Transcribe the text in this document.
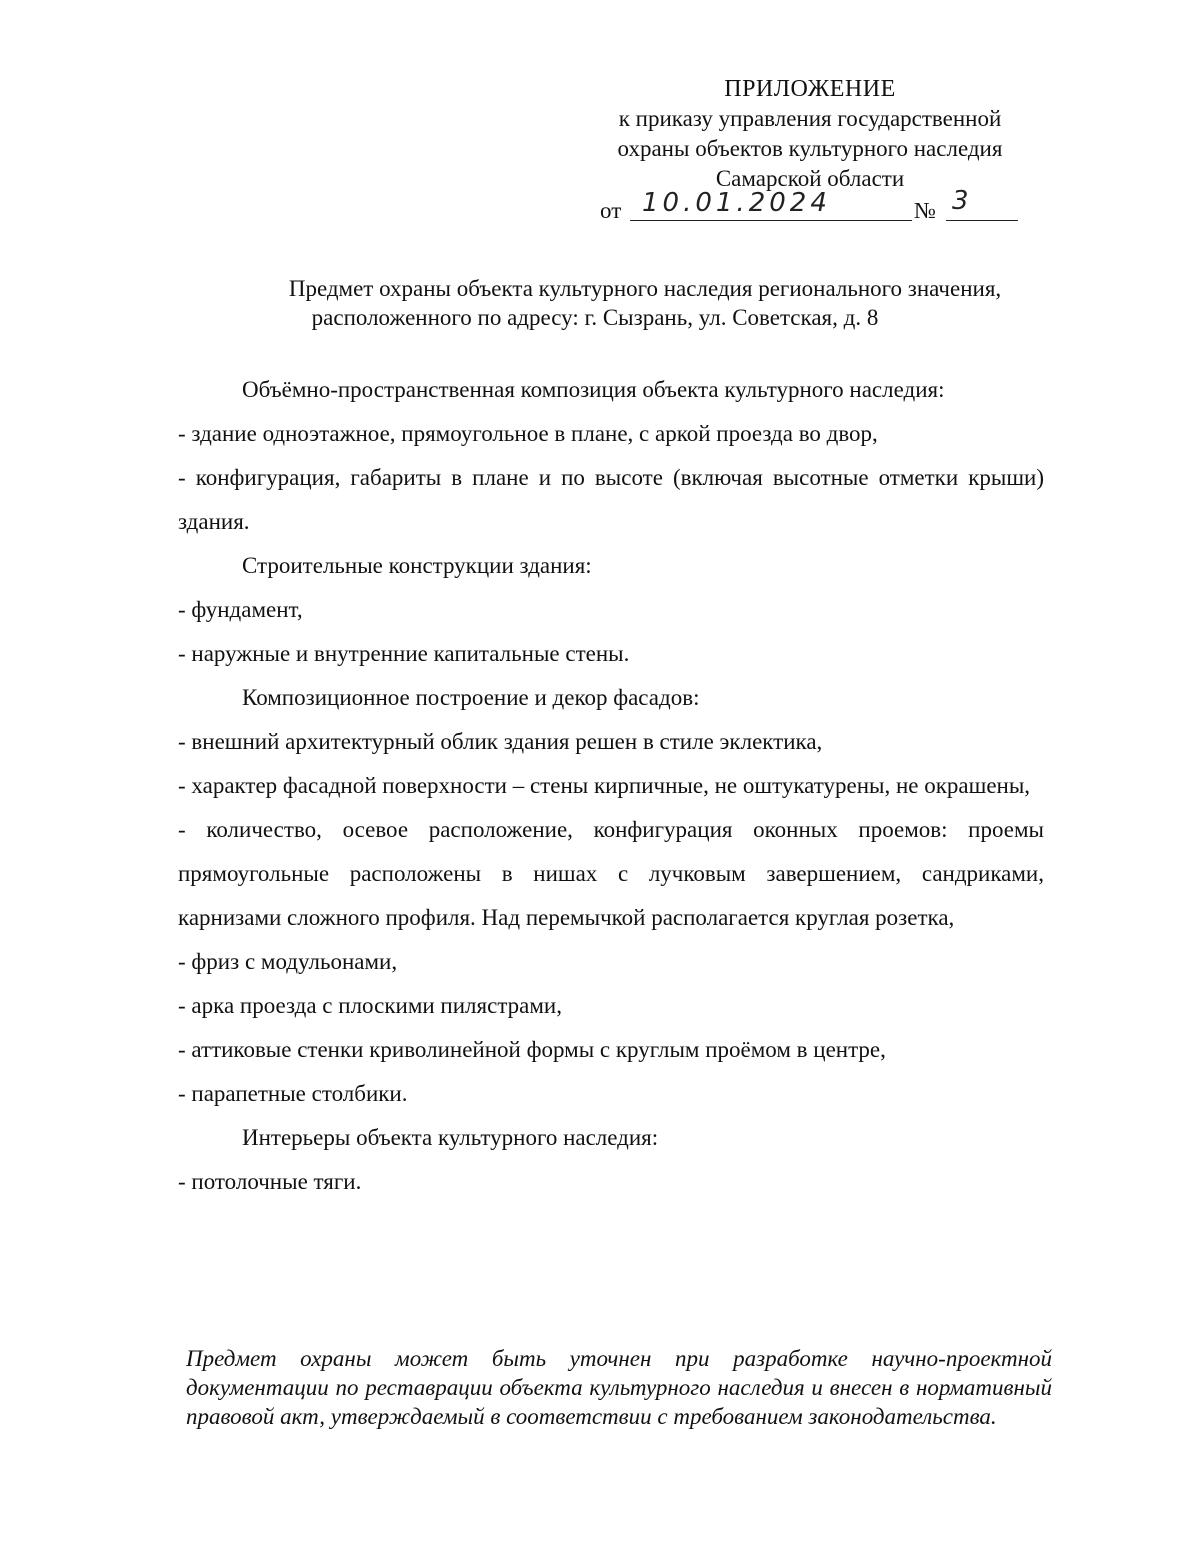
ПРИЛОЖЕНИЕ
к приказу управления государственной
охраны объектов культурного наследия
Самарской области
от 10.01.2024	№ 3
Предмет охраны объекта культурного наследия регионального значения,
расположенного по адресу: г. Сызрань, ул. Советская, д. 8

Объёмно-пространственная композиция объекта культурного наследия:

- здание одноэтажное, прямоугольное в плане, с аркой проезда во двор,

- конфигурация, габариты в плане и по высоте (включая высотные отметки крыши) здания.

Строительные конструкции здания:

- фундамент,

- наружные и внутренние капитальные стены.

Композиционное построение и декор фасадов:

- внешний архитектурный облик здания решен в стиле эклектика,

- характер фасадной поверхности – стены кирпичные, не оштукатурены, не окрашены,

- количество, осевое расположение, конфигурация оконных проемов: проемы прямоугольные расположены в нишах с лучковым завершением, сандриками, карнизами сложного профиля. Над перемычкой располагается круглая розетка,

- фриз с модульонами,

- арка проезда с плоскими пилястрами,

- аттиковые стенки криволинейной формы с круглым проёмом в центре,

- парапетные столбики.

Интерьеры объекта культурного наследия:

- потолочные тяги.

Предмет охраны может быть уточнен при разработке научно-проектной документации по реставрации объекта культурного наследия и внесен в нормативный правовой акт, утверждаемый в соответствии с требованием законодательства.
